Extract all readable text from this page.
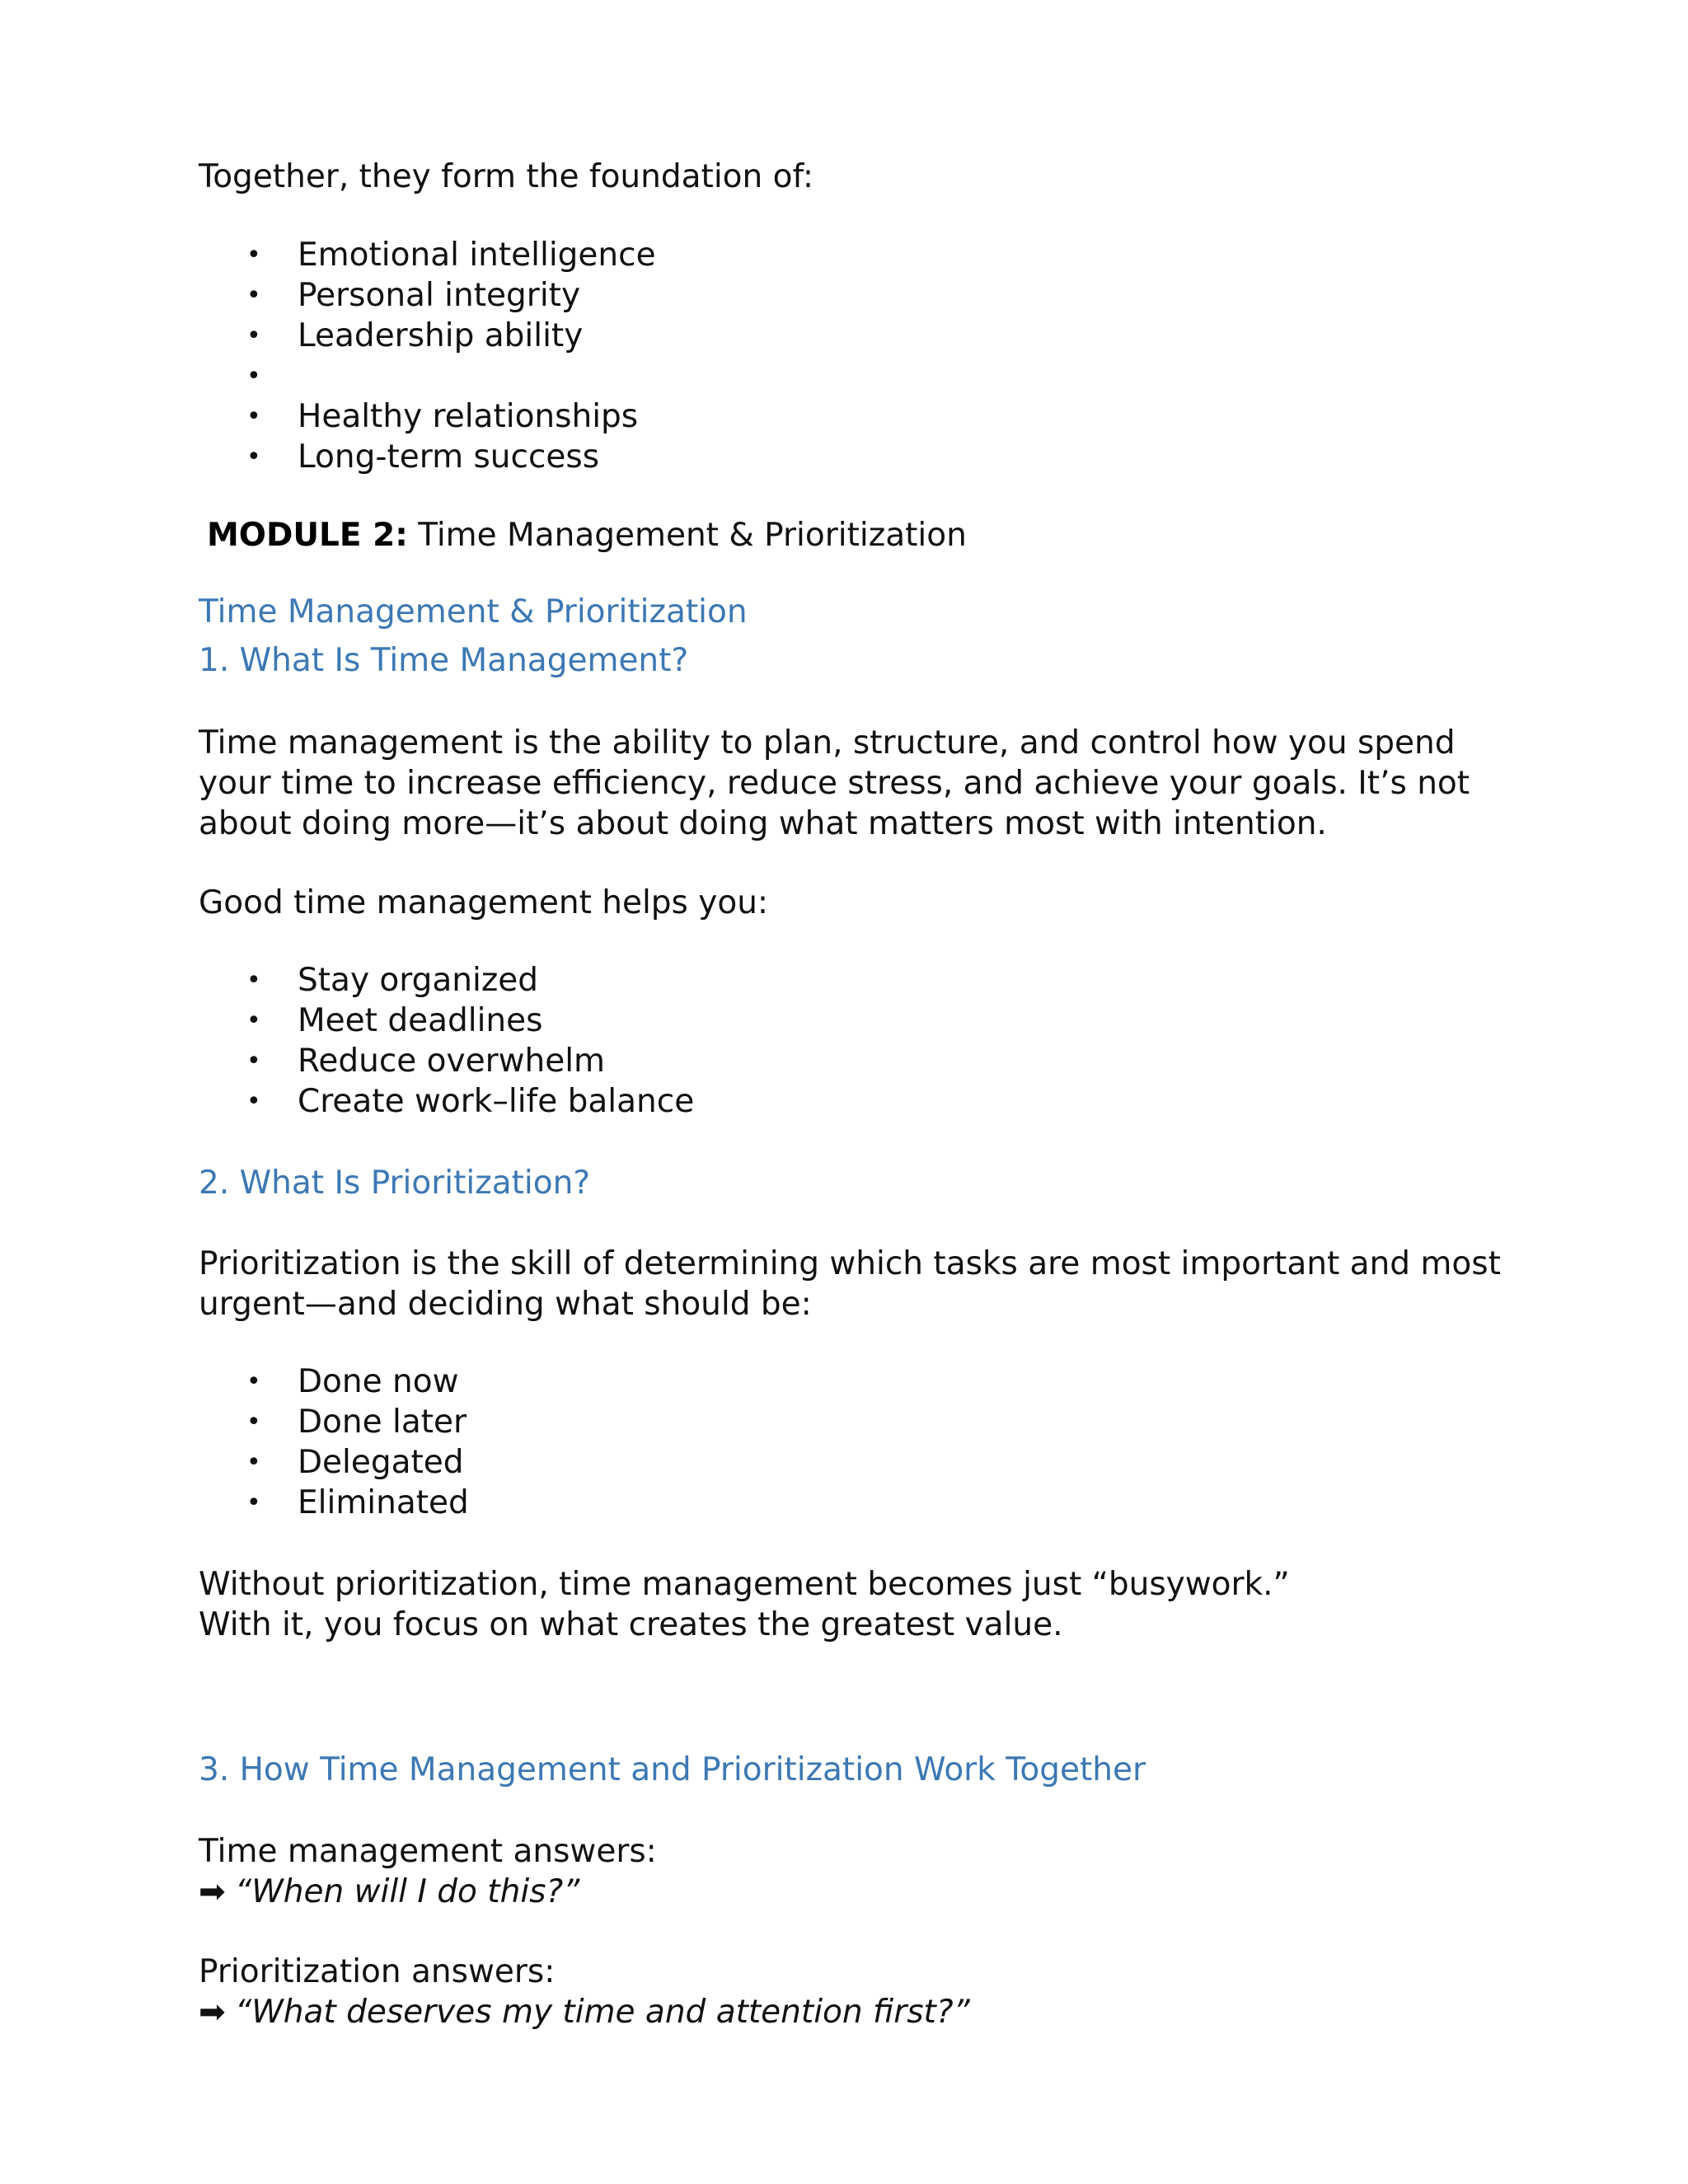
Together, they form the foundation of:

• Emotional intelligence
• Personal integrity
• Leadership ability
•
• Healthy relationships
• Long-term success

MODULE 2: Time Management & Prioritization

Time Management & Prioritization

1. What Is Time Management?

Time management is the ability to plan, structure, and control how you spend your time to increase efficiency, reduce stress, and achieve your goals. It’s not about doing more—it’s about doing what matters most with intention.

Good time management helps you:

• Stay organized
• Meet deadlines
• Reduce overwhelm
• Create work–life balance

2. What Is Prioritization?

Prioritization is the skill of determining which tasks are most important and most urgent—and deciding what should be:

• Done now
• Done later
• Delegated
• Eliminated

Without prioritization, time management becomes just “busywork.”

With it, you focus on what creates the greatest value.

3. How Time Management and Prioritization Work Together

Time management answers:

➡ “When will I do this?”

Prioritization answers:

➡ “What deserves my time and attention first?”
